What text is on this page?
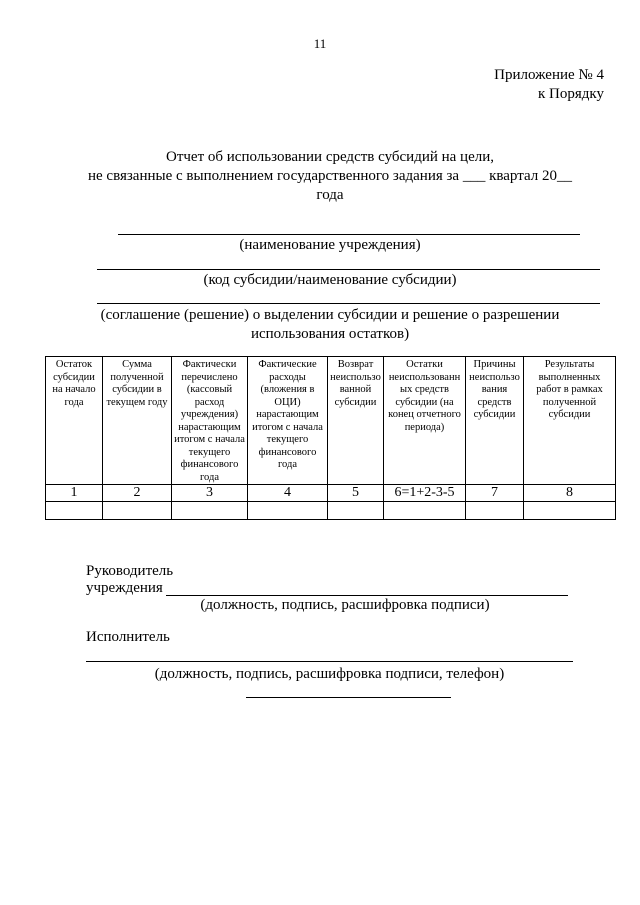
11
Приложение № 4
к Порядку
Отчет об использовании средств субсидий на цели,
не связанные с выполнением государственного задания за ___ квартал 20__
года
(наименование учреждения)
(код субсидии/наименование субсидии)
(соглашение (решение) о выделении субсидии и решение о разрешении
использования остатков)
Остаток субсидии на начало года	Сумма полученной субсидии в текущем году	Фактически перечислено (кассовый расход учреждения) нарастающим итогом с начала текущего финансового года	Фактические расходы (вложения в ОЦИ) нарастающим итогом с начала текущего финансового года	Возврат неиспользованной субсидии	Остатки неиспользованных средств субсидии (на конец отчетного периода)	Причины неиспользования средств субсидии	Результаты выполненных работ в рамках полученной субсидии
1	2	3	4	5	6=1+2-3-5	7	8

Руководитель
учреждения
(должность, подпись, расшифровка подписи)
Исполнитель
(должность, подпись, расшифровка подписи, телефон)
